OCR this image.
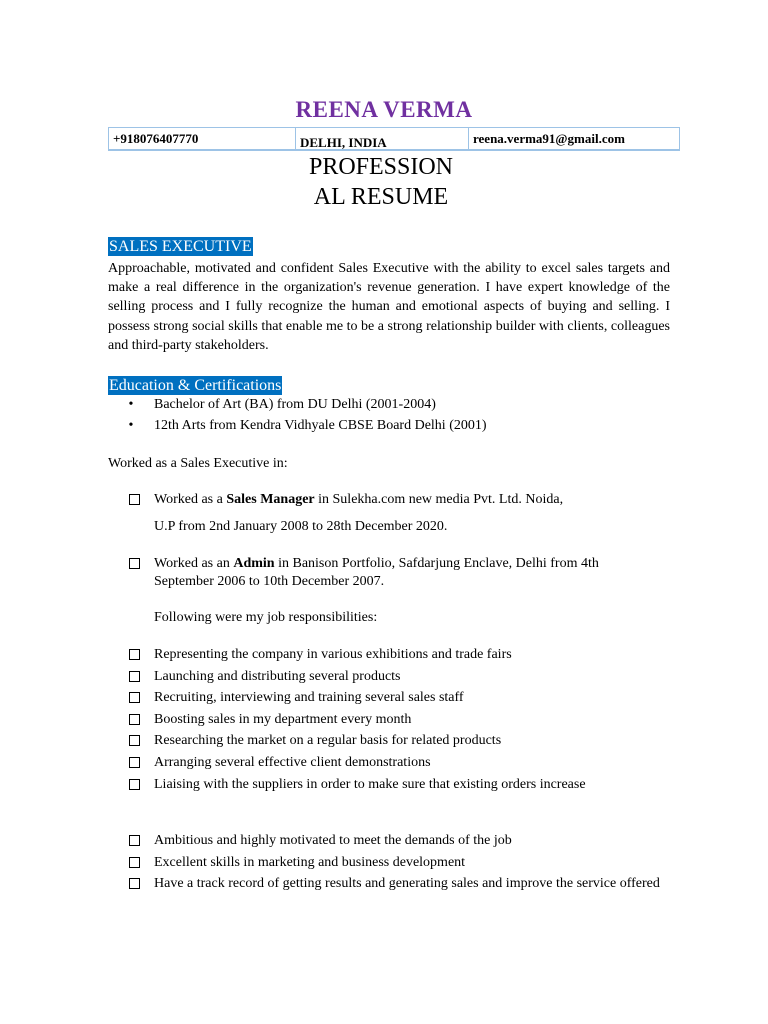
REENA VERMA
+918076407770	DELHI, INDIA	reena.verma91@gmail.com
PROFESSION
AL RESUME
SALES EXECUTIVE
Approachable, motivated and confident Sales Executive with the ability to excel sales targets and make a real difference in the organization's revenue generation. I have expert knowledge of the selling process and I fully recognize the human and emotional aspects of buying and selling. I possess strong social skills that enable me to be a strong relationship builder with clients, colleagues and third-party stakeholders.
Education & Certifications
•	Bachelor of Art (BA) from DU Delhi (2001-2004)
•	12th Arts from Kendra Vidhyale CBSE Board Delhi (2001)
Worked as a Sales Executive in:
Worked as a Sales Manager in Sulekha.com new media Pvt. Ltd. Noida,
U.P from 2nd January 2008 to 28th December 2020.
Worked as an Admin in Banison Portfolio, Safdarjung Enclave, Delhi from 4th September 2006 to 10th December 2007.
Following were my job responsibilities:
Representing the company in various exhibitions and trade fairs
Launching and distributing several products
Recruiting, interviewing and training several sales staff
Boosting sales in my department every month
Researching the market on a regular basis for related products
Arranging several effective client demonstrations
Liaising with the suppliers in order to make sure that existing orders increase
Ambitious and highly motivated to meet the demands of the job
Excellent skills in marketing and business development
Have a track record of getting results and generating sales and improve the service offered
